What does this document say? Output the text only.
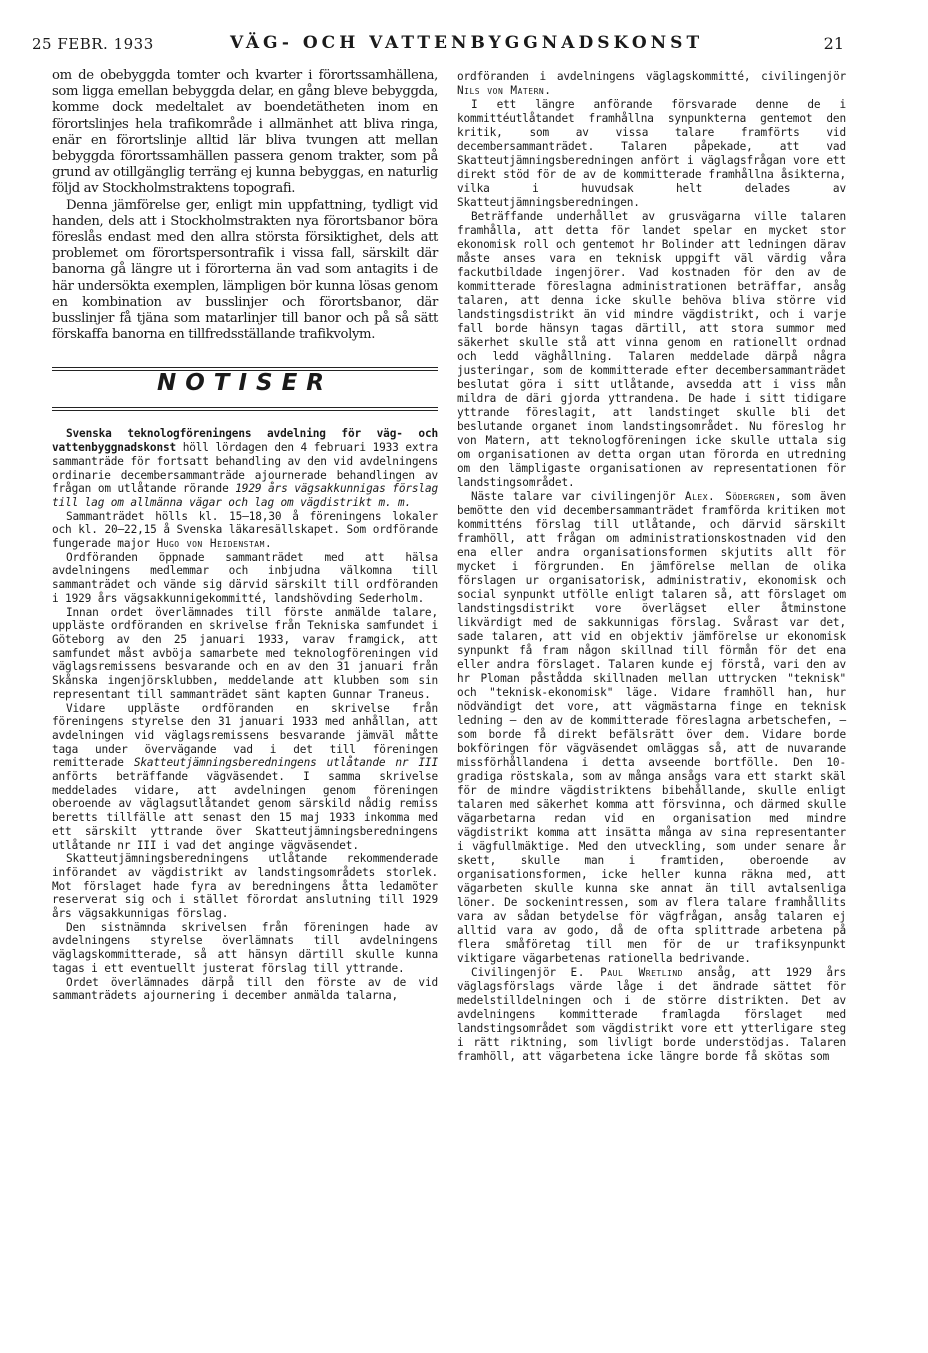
25 FEBR. 1933	VÄG- OCH VATTENBYGGNADSKONST	21

om de obebyggda tomter och kvarter i förortssamhällena, som ligga emellan bebyggda delar, en gång bleve bebyggda, komme dock medeltalet av boendetätheten inom en förortslinjes hela trafikområde i allmänhet att bliva ringa, enär en förortslinje alltid lär bliva tvungen att mellan bebyggda förortssamhällen passera genom trakter, som på grund av otillgänglig terräng ej kunna bebyggas, en naturlig följd av Stockholmstraktens topografi.

Denna jämförelse ger, enligt min uppfattning, tydligt vid handen, dels att i Stockholmstrakten nya förortsbanor böra föreslås endast med den allra största försiktighet, dels att problemet om förortspersontrafik i vissa fall, särskilt där banorna gå längre ut i förorterna än vad som antagits i de här undersökta exemplen, lämpligen bör kunna lösas genom en kombination av busslinjer och förortsbanor, där busslinjer få tjäna som matarlinjer till banor och på så sätt förskaffa banorna en tillfredsställande trafikvolym.

NOTISER

Svenska teknologföreningens avdelning för väg- och vattenbyggnadskonst höll lördagen den 4 februari 1933 extra sammanträde för fortsatt behandling av den vid avdelningens ordinarie decembersammanträde ajournerade behandlingen av frågan om utlåtande rörande 1929 års vägsakkunnigas förslag till lag om allmänna vägar och lag om vägdistrikt m. m.

Sammanträdet hölls kl. 15—18,30 å föreningens lokaler och kl. 20—22,15 å Svenska läkaresällskapet. Som ordförande fungerade major Hugo von Heidenstam.

Ordföranden öppnade sammanträdet med att hälsa avdelningens medlemmar och inbjudna välkomna till sammanträdet och vände sig därvid särskilt till ordföranden i 1929 års vägsakkunnigekommitté, landshövding Sederholm.

Innan ordet överlämnades till förste anmälde talare, uppläste ordföranden en skrivelse från Tekniska samfundet i Göteborg av den 25 januari 1933, varav framgick, att samfundet måst avböja samarbete med teknologföreningen vid väglagsremissens besvarande och en av den 31 januari från Skånska ingenjörsklubben, meddelande att klubben som sin representant till sammanträdet sänt kapten Gunnar Traneus.

Vidare uppläste ordföranden en skrivelse från föreningens styrelse den 31 januari 1933 med anhållan, att avdelningen vid väglagsremissens besvarande jämväl måtte taga under övervägande vad i det till föreningen remitterade Skatteutjämningsberedningens utlåtande nr III anförts beträffande vägväsendet. I samma skrivelse meddelades vidare, att avdelningen genom föreningen oberoende av väglagsutlåtandet genom särskild nådig remiss beretts tillfälle att senast den 15 maj 1933 inkomma med ett särskilt yttrande över Skatteutjämningsberedningens utlåtande nr III i vad det anginge vägväsendet.

Skatteutjämningsberedningens utlåtande rekommenderade införandet av vägdistrikt av landstingsområdets storlek. Mot förslaget hade fyra av beredningens åtta ledamöter reserverat sig och i stället förordat anslutning till 1929 års vägsakkunnigas förslag.

Den sistnämnda skrivelsen från föreningen hade av avdelningens styrelse överlämnats till avdelningens väglagskommitterade, så att hänsyn därtill skulle kunna tagas i ett eventuellt justerat förslag till yttrande.

Ordet överlämnades därpå till den förste av de vid sammanträdets ajournering i december anmälda talarna,

ordföranden i avdelningens väglagskommitté, civilingenjör Nils von Matern.

I ett längre anförande försvarade denne de i kommittéutlåtandet framhållna synpunkterna gentemot den kritik, som av vissa talare framförts vid decembersammanträdet. Talaren påpekade, att vad Skatteutjämningsberedningen anfört i väglagsfrågan vore ett direkt stöd för de av de kommitterade framhållna åsikterna, vilka i huvudsak helt delades av Skatteutjämningsberedningen.

Beträffande underhållet av grusvägarna ville talaren framhålla, att detta för landet spelar en mycket stor ekonomisk roll och gentemot hr Bolinder att ledningen därav måste anses vara en teknisk uppgift väl värdig våra fackutbildade ingenjörer. Vad kostnaden för den av de kommitterade föreslagna administrationen beträffar, ansåg talaren, att denna icke skulle behöva bliva större vid landstingsdistrikt än vid mindre vägdistrikt, och i varje fall borde hänsyn tagas därtill, att stora summor med säkerhet skulle stå att vinna genom en rationellt ordnad och ledd väghållning. Talaren meddelade därpå några justeringar, som de kommitterade efter decembersammanträdet beslutat göra i sitt utlåtande, avsedda att i viss mån mildra de däri gjorda yttrandena. De hade i sitt tidigare yttrande föreslagit, att landstinget skulle bli det beslutande organet inom landstingsområdet. Nu föreslog hr von Matern, att teknologföreningen icke skulle uttala sig om organisationen av detta organ utan förorda en utredning om den lämpligaste organisationen av representationen för landstingsområdet.

Näste talare var civilingenjör Alex. Södergren, som även bemötte den vid decembersammanträdet framförda kritiken mot kommitténs förslag till utlåtande, och därvid särskilt framhöll, att frågan om administrationskostnaden vid den ena eller andra organisationsformen skjutits allt för mycket i förgrunden. En jämförelse mellan de olika förslagen ur organisatorisk, administrativ, ekonomisk och social synpunkt utfölle enligt talaren så, att förslaget om landstingsdistrikt vore överlägset eller åtminstone likvärdigt med de sakkunnigas förslag. Svårast var det, sade talaren, att vid en objektiv jämförelse ur ekonomisk synpunkt få fram någon skillnad till förmån för det ena eller andra förslaget. Talaren kunde ej förstå, vari den av hr Ploman påstådda skillnaden mellan uttrycken "teknisk" och "teknisk-ekonomisk" läge. Vidare framhöll han, hur nödvändigt det vore, att vägmästarna finge en teknisk ledning — den av de kommitterade föreslagna arbetschefen, — som borde få direkt befälsrätt över dem. Vidare borde bokföringen för vägväsendet omläggas så, att de nuvarande missförhållandena i detta avseende bortfölle. Den 10-gradiga röstskala, som av många ansågs vara ett starkt skäl för de mindre vägdistriktens bibehållande, skulle enligt talaren med säkerhet komma att försvinna, och därmed skulle vägarbetarna redan vid en organisation med mindre vägdistrikt komma att insätta många av sina representanter i vägfullmäktige. Med den utveckling, som under senare år skett, skulle man i framtiden, oberoende av organisationsformen, icke heller kunna räkna med, att vägarbeten skulle kunna ske annat än till avtalsenliga löner. De sockenintressen, som av flera talare framhållits vara av sådan betydelse för vägfrågan, ansåg talaren ej alltid vara av godo, då de ofta splittrade arbetena på flera småföretag till men för de ur trafiksynpunkt viktigare vägarbetenas rationella bedrivande.

Civilingenjör E. Paul Wretlind ansåg, att 1929 års väglagsförslags värde låge i det ändrade sättet för medelstilldelningen och i de större distrikten. Det av avdelningens kommitterade framlagda förslaget med landstingsområdet som vägdistrikt vore ett ytterligare steg i rätt riktning, som livligt borde understödjas. Talaren framhöll, att vägarbetena icke längre borde få skötas som
